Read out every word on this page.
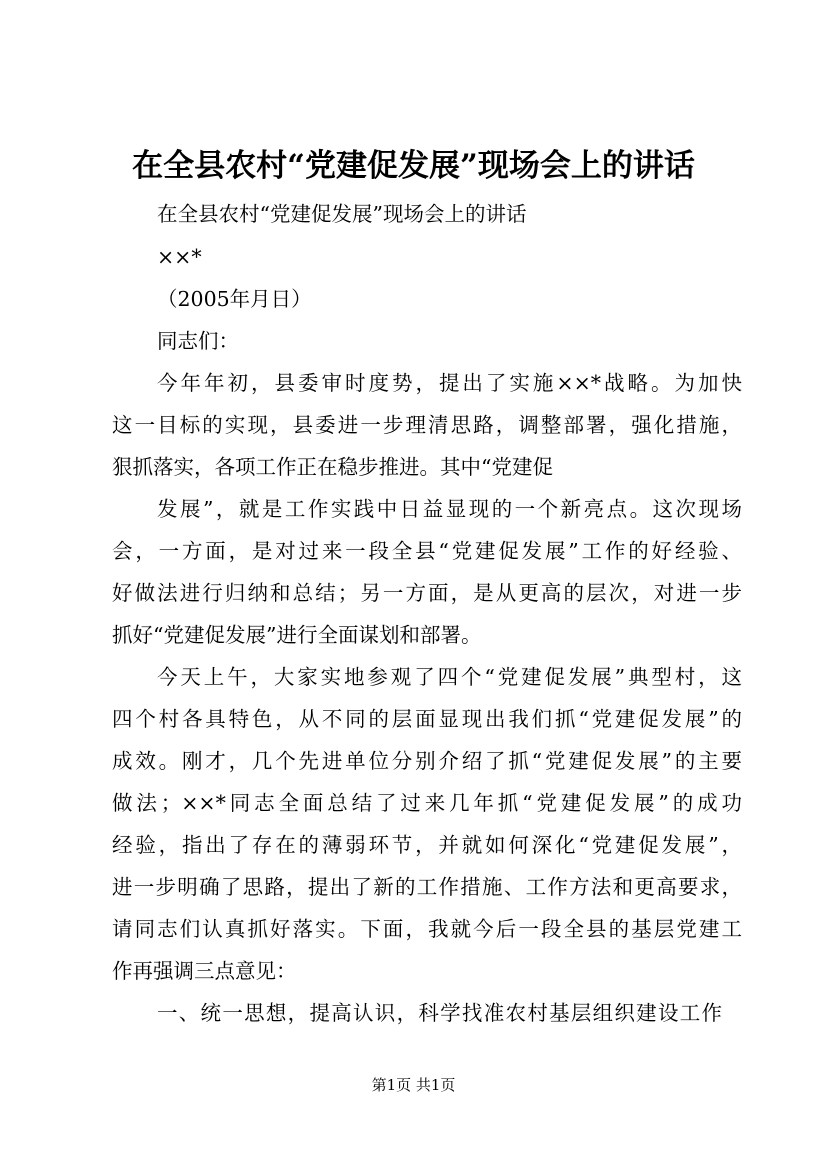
在全县农村“党建促发展”现场会上的讲话
在全县农村“党建促发展”现场会上的讲话
××*
（2005年月日）
同志们：
今年年初，县委审时度势，提出了实施××*战略。为加快
这一目标的实现，县委进一步理清思路，调整部署，强化措施，
狠抓落实，各项工作正在稳步推进。其中“党建促
发展”，就是工作实践中日益显现的一个新亮点。这次现场
会，一方面，是对过来一段全县“党建促发展”工作的好经验、
好做法进行归纳和总结；另一方面，是从更高的层次，对进一步
抓好“党建促发展”进行全面谋划和部署。
今天上午，大家实地参观了四个“党建促发展”典型村，这
四个村各具特色，从不同的层面显现出我们抓“党建促发展”的
成效。刚才，几个先进单位分别介绍了抓“党建促发展”的主要
做法；××*同志全面总结了过来几年抓“党建促发展”的成功
经验，指出了存在的薄弱环节，并就如何深化“党建促发展”，
进一步明确了思路，提出了新的工作措施、工作方法和更高要求，
请同志们认真抓好落实。下面，我就今后一段全县的基层党建工
作再强调三点意见：
一、统一思想，提高认识，科学找准农村基层组织建设工作
第1页 共1页
